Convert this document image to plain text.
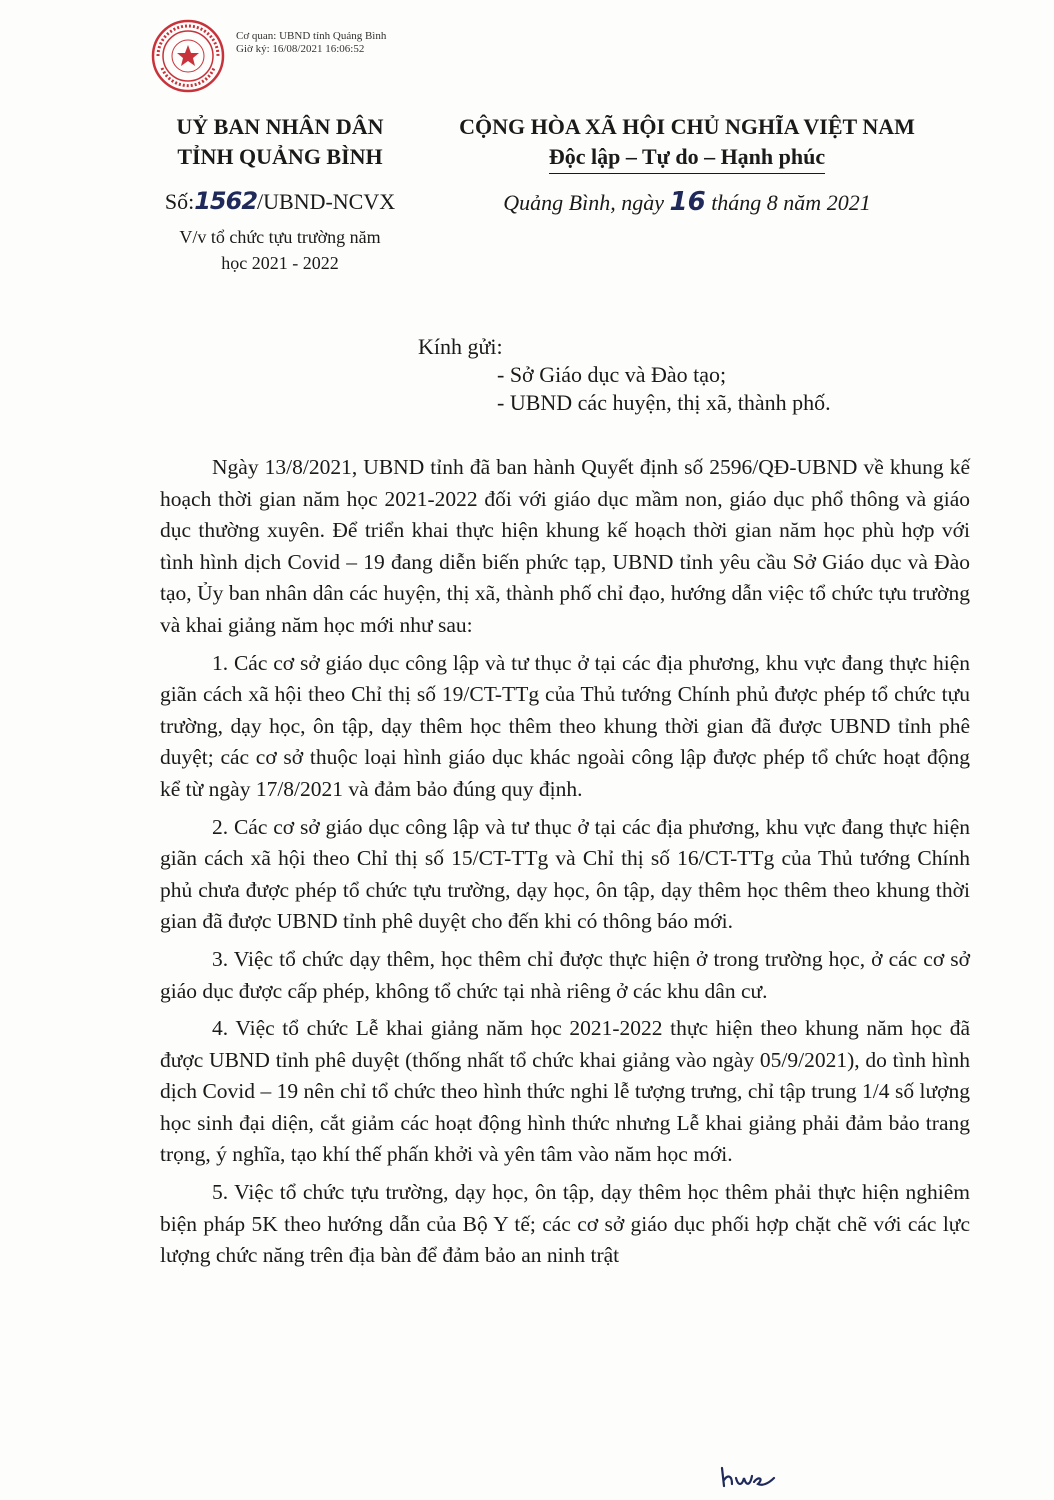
Cơ quan: UBND tỉnh Quảng Bình
Giờ ký: 16/08/2021 16:06:52
UỶ BAN NHÂN DÂN
TỈNH QUẢNG BÌNH
CỘNG HÒA XÃ HỘI CHỦ NGHĨA VIỆT NAM
Độc lập – Tự do – Hạnh phúc
Số:1562/UBND-NCVX
V/v tổ chức tựu trường năm
học 2021 - 2022
Quảng Bình, ngày 16 tháng 8 năm 2021
Kính gửi:
- Sở Giáo dục và Đào tạo;
- UBND các huyện, thị xã, thành phố.

Ngày 13/8/2021, UBND tỉnh đã ban hành Quyết định số 2596/QĐ-UBND về khung kế hoạch thời gian năm học 2021-2022 đối với giáo dục mầm non, giáo dục phổ thông và giáo dục thường xuyên. Để triển khai thực hiện khung kế hoạch thời gian năm học phù hợp với tình hình dịch Covid – 19 đang diễn biến phức tạp, UBND tỉnh yêu cầu Sở Giáo dục và Đào tạo, Ủy ban nhân dân các huyện, thị xã, thành phố chỉ đạo, hướng dẫn việc tổ chức tựu trường và khai giảng năm học mới như sau:

1. Các cơ sở giáo dục công lập và tư thục ở tại các địa phương, khu vực đang thực hiện giãn cách xã hội theo Chỉ thị số 19/CT-TTg của Thủ tướng Chính phủ được phép tổ chức tựu trường, dạy học, ôn tập, dạy thêm học thêm theo khung thời gian đã được UBND tỉnh phê duyệt; các cơ sở thuộc loại hình giáo dục khác ngoài công lập được phép tổ chức hoạt động kể từ ngày 17/8/2021 và đảm bảo đúng quy định.

2. Các cơ sở giáo dục công lập và tư thục ở tại các địa phương, khu vực đang thực hiện giãn cách xã hội theo Chỉ thị số 15/CT-TTg và Chỉ thị số 16/CT-TTg của Thủ tướng Chính phủ chưa được phép tổ chức tựu trường, dạy học, ôn tập, dạy thêm học thêm theo khung thời gian đã được UBND tỉnh phê duyệt cho đến khi có thông báo mới.

3. Việc tổ chức dạy thêm, học thêm chỉ được thực hiện ở trong trường học, ở các cơ sở giáo dục được cấp phép, không tổ chức tại nhà riêng ở các khu dân cư.

4. Việc tổ chức Lễ khai giảng năm học 2021-2022 thực hiện theo khung năm học đã được UBND tỉnh phê duyệt (thống nhất tổ chức khai giảng vào ngày 05/9/2021), do tình hình dịch Covid – 19 nên chỉ tổ chức theo hình thức nghi lễ tượng trưng, chỉ tập trung 1/4 số lượng học sinh đại diện, cắt giảm các hoạt động hình thức nhưng Lễ khai giảng phải đảm bảo trang trọng, ý nghĩa, tạo khí thế phấn khởi và yên tâm vào năm học mới.

5. Việc tổ chức tựu trường, dạy học, ôn tập, dạy thêm học thêm phải thực hiện nghiêm biện pháp 5K theo hướng dẫn của Bộ Y tế; các cơ sở giáo dục phối hợp chặt chẽ với các lực lượng chức năng trên địa bàn để đảm bảo an ninh trật
